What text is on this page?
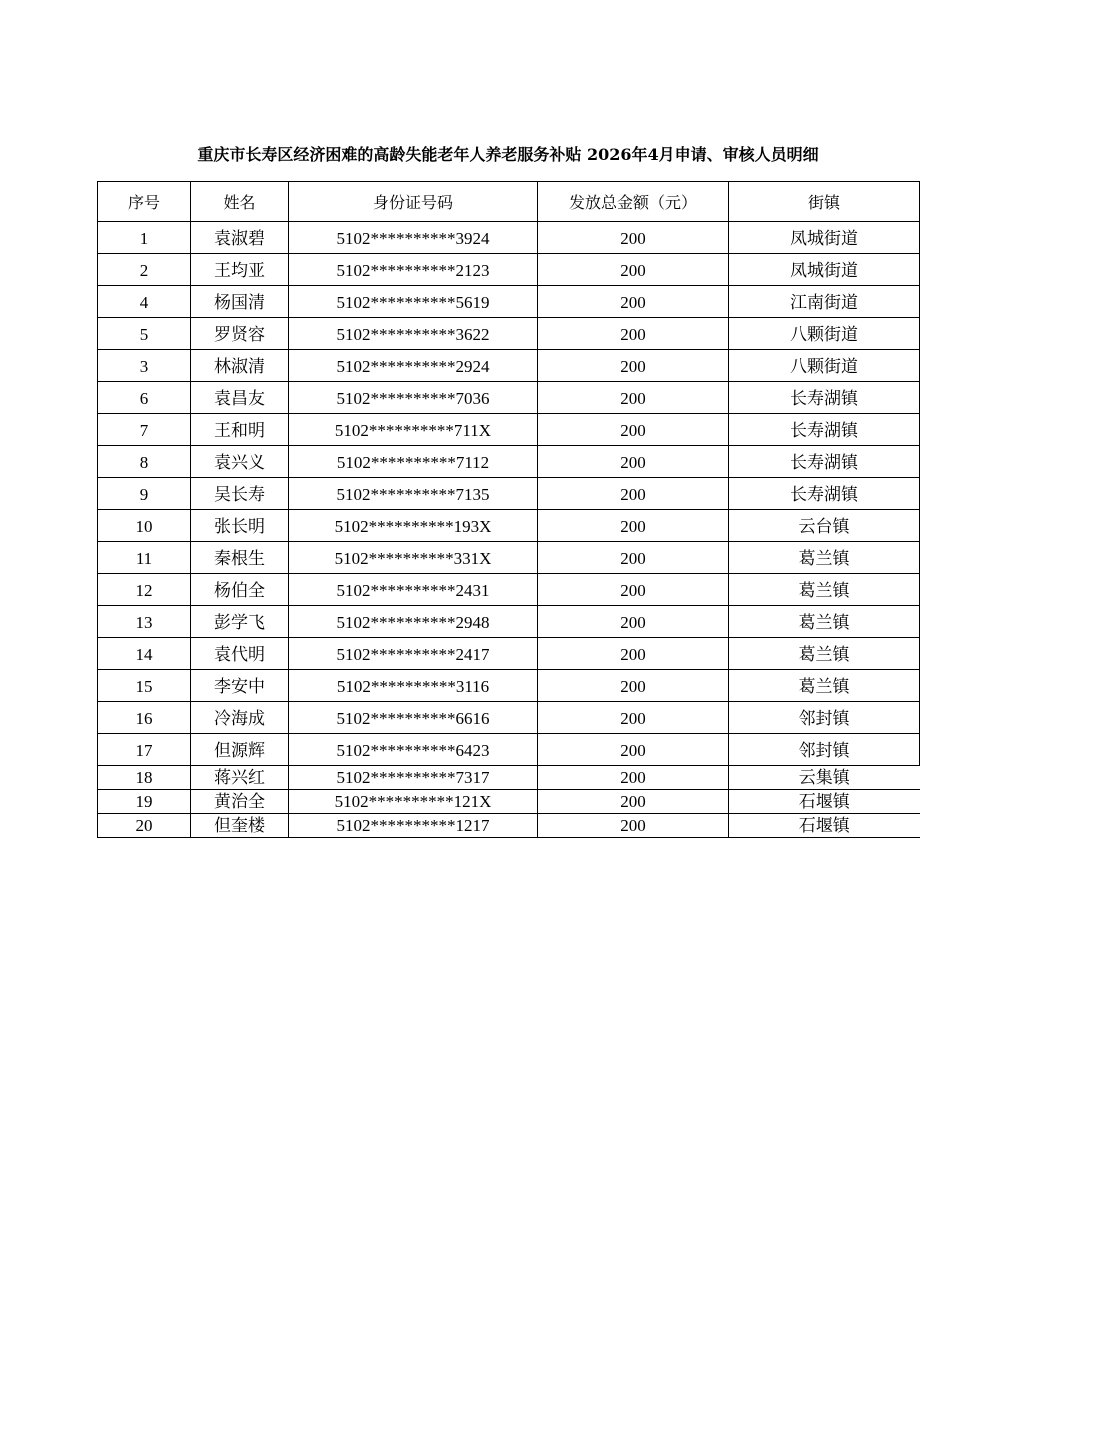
重庆市长寿区经济困难的高龄失能老年人养老服务补贴 2026年4月申请、审核人员明细
序号	姓名	身份证号码	发放总金额（元）	街镇
1	袁淑碧	5102**********3924	200	凤城街道
2	王均亚	5102**********2123	200	凤城街道
4	杨国清	5102**********5619	200	江南街道
5	罗贤容	5102**********3622	200	八颗街道
3	林淑清	5102**********2924	200	八颗街道
6	袁昌友	5102**********7036	200	长寿湖镇
7	王和明	5102**********711X	200	长寿湖镇
8	袁兴义	5102**********7112	200	长寿湖镇
9	吴长寿	5102**********7135	200	长寿湖镇
10	张长明	5102**********193X	200	云台镇
11	秦根生	5102**********331X	200	葛兰镇
12	杨伯全	5102**********2431	200	葛兰镇
13	彭学飞	5102**********2948	200	葛兰镇
14	袁代明	5102**********2417	200	葛兰镇
15	李安中	5102**********3116	200	葛兰镇
16	冷海成	5102**********6616	200	邻封镇
17	但源辉	5102**********6423	200	邻封镇
18	蒋兴红	5102**********7317	200	云集镇
19	黄治全	5102**********121X	200	石堰镇
20	但奎楼	5102**********1217	200	石堰镇
